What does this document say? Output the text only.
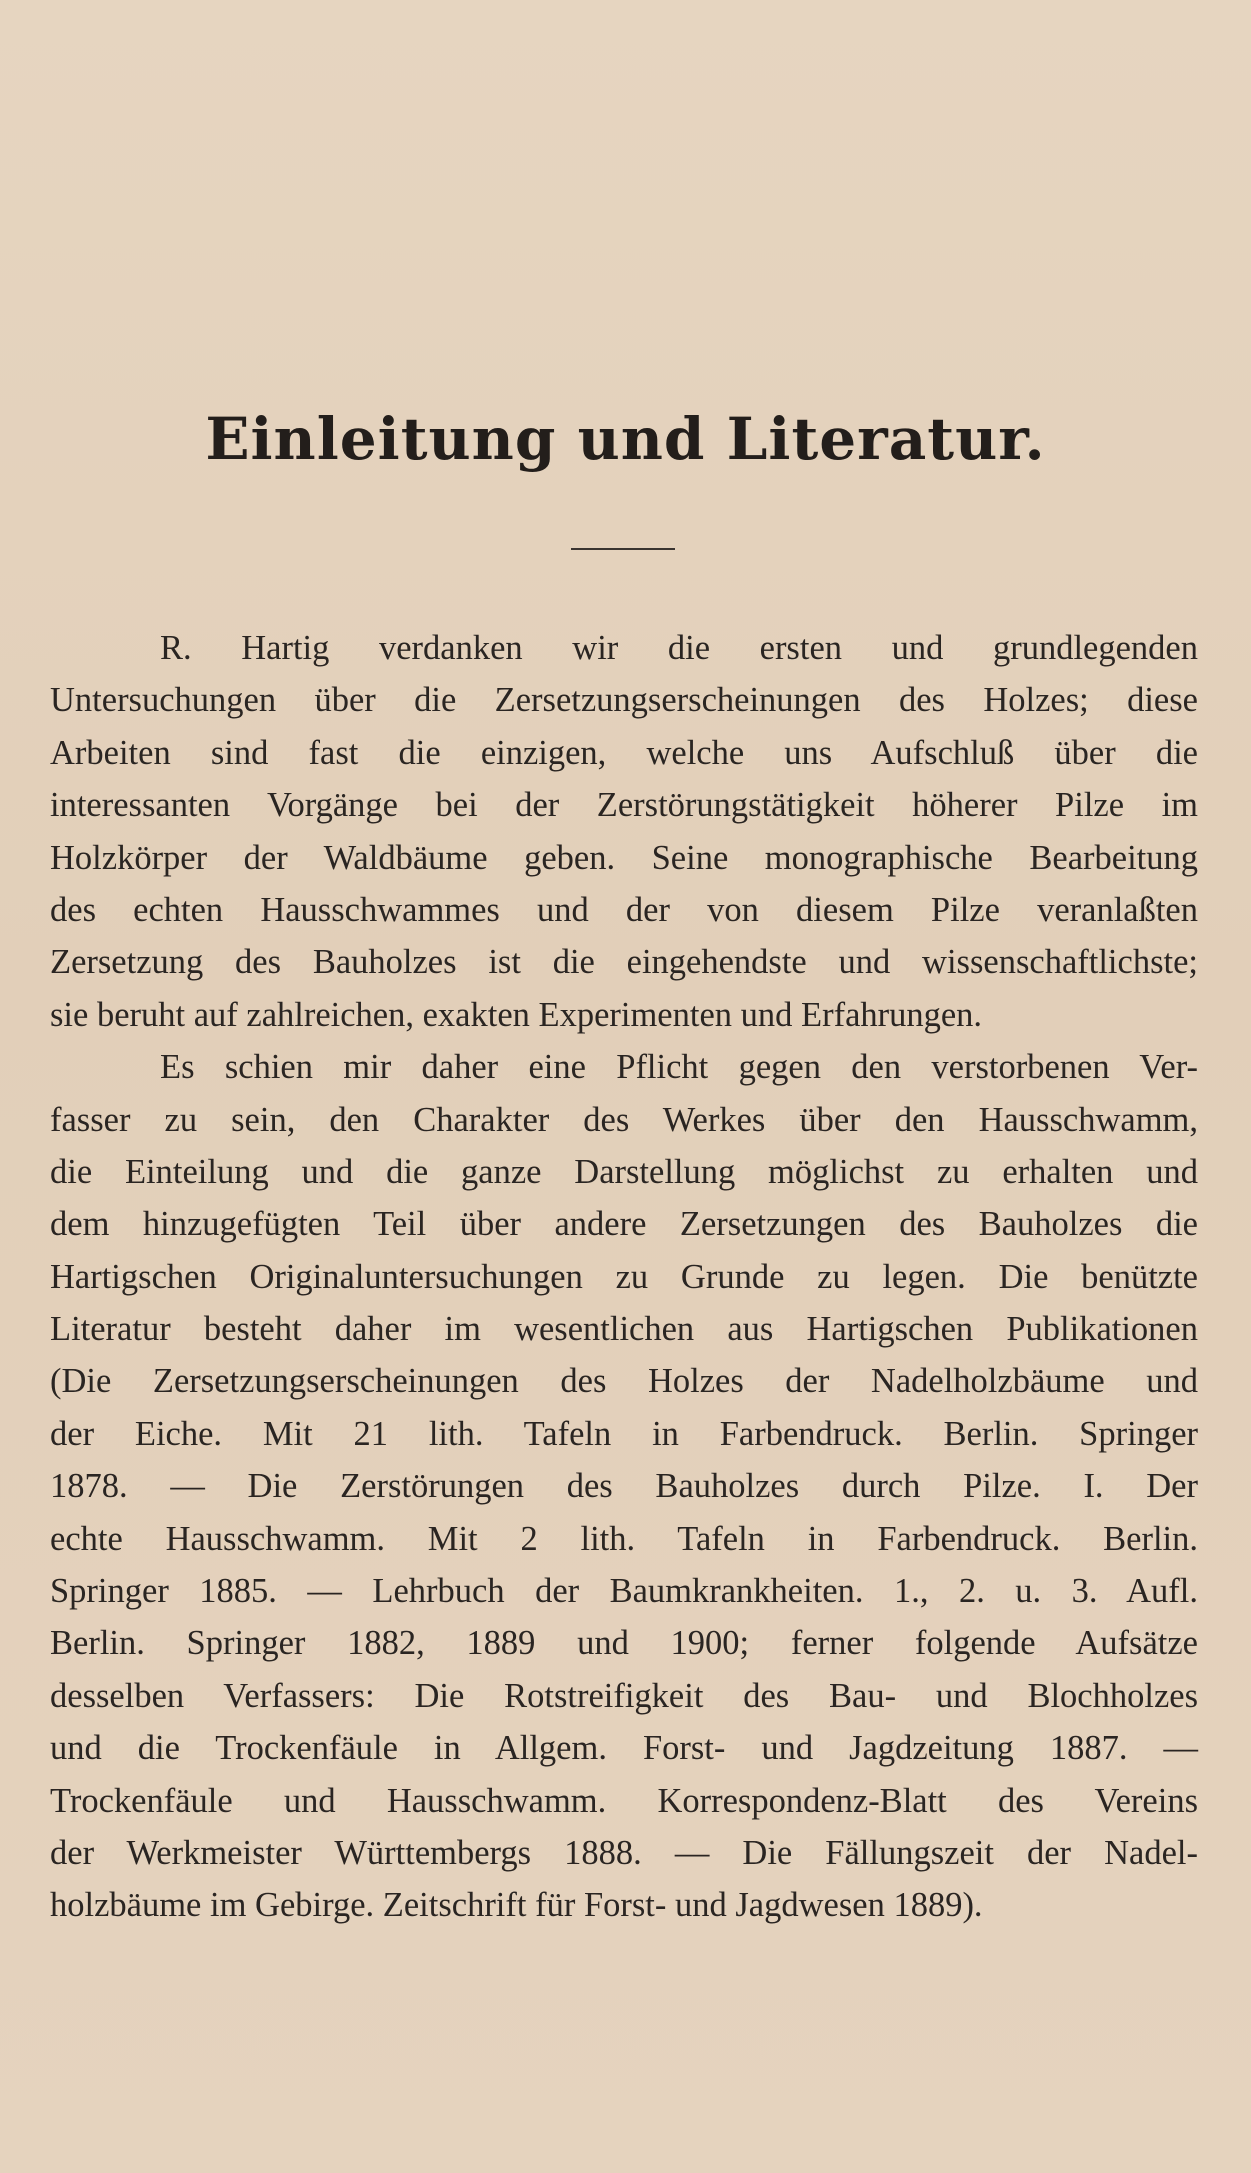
Einleitung und Literatur.
R. Hartig verdanken wir die ersten und grundlegenden
Untersuchungen über die Zersetzungserscheinungen des Holzes; diese
Arbeiten sind fast die einzigen, welche uns Aufschluß über die
interessanten Vorgänge bei der Zerstörungstätigkeit höherer Pilze im
Holzkörper der Waldbäume geben. Seine monographische Bearbeitung
des echten Hausschwammes und der von diesem Pilze veranlaßten
Zersetzung des Bauholzes ist die eingehendste und wissenschaftlichste;
sie beruht auf zahlreichen, exakten Experimenten und Erfahrungen.
Es schien mir daher eine Pflicht gegen den verstorbenen Ver-
fasser zu sein, den Charakter des Werkes über den Hausschwamm,
die Einteilung und die ganze Darstellung möglichst zu erhalten und
dem hinzugefügten Teil über andere Zersetzungen des Bauholzes die
Hartigschen Originaluntersuchungen zu Grunde zu legen. Die benützte
Literatur besteht daher im wesentlichen aus Hartigschen Publikationen
(Die Zersetzungserscheinungen des Holzes der Nadelholzbäume und
der Eiche. Mit 21 lith. Tafeln in Farbendruck. Berlin. Springer
1878. — Die Zerstörungen des Bauholzes durch Pilze. I. Der
echte Hausschwamm. Mit 2 lith. Tafeln in Farbendruck. Berlin.
Springer 1885. — Lehrbuch der Baumkrankheiten. 1., 2. u. 3. Aufl.
Berlin. Springer 1882, 1889 und 1900; ferner folgende Aufsätze
desselben Verfassers: Die Rotstreifigkeit des Bau- und Blochholzes
und die Trockenfäule in Allgem. Forst- und Jagdzeitung 1887. —
Trockenfäule und Hausschwamm. Korrespondenz-Blatt des Vereins
der Werkmeister Württembergs 1888. — Die Fällungszeit der Nadel-
holzbäume im Gebirge. Zeitschrift für Forst- und Jagdwesen 1889).
